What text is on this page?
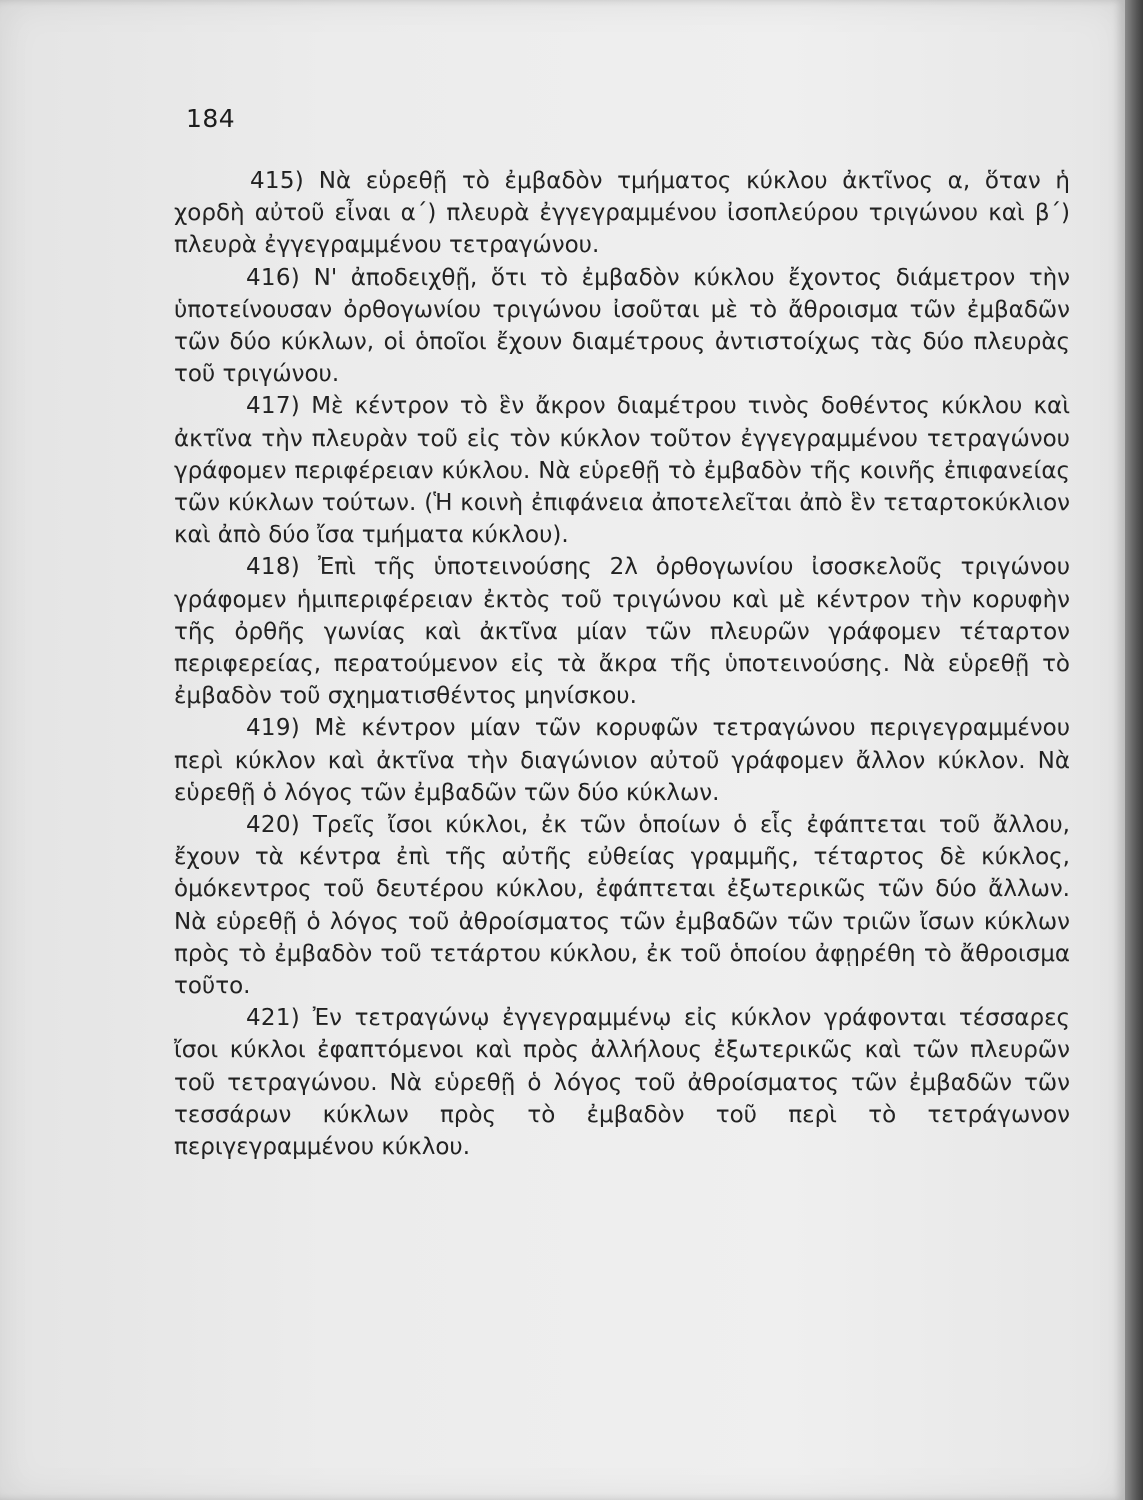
184

415) Νὰ εὑρεθῇ τὸ ἐμβαδὸν τμήματος κύκλου ἀκτῖνος α, ὅταν ἡ χορδὴ αὐτοῦ εἶναι α΄) πλευρὰ ἐγγεγραμμένου ἰσοπλεύρου τριγώνου καὶ β΄) πλευρὰ ἐγγεγραμμένου τετραγώνου.

416) Ν' ἀποδειχθῇ, ὅτι τὸ ἐμβαδὸν κύκλου ἔχοντος διάμετρον τὴν ὑποτείνουσαν ὀρθογωνίου τριγώνου ἰσοῦται μὲ τὸ ἄθροισμα τῶν ἐμβαδῶν τῶν δύο κύκλων, οἱ ὁποῖοι ἔχουν διαμέτρους ἀντιστοίχως τὰς δύο πλευρὰς τοῦ τριγώνου.

417) Μὲ κέντρον τὸ ἓν ἄκρον διαμέτρου τινὸς δοθέντος κύκλου καὶ ἀκτῖνα τὴν πλευρὰν τοῦ εἰς τὸν κύκλον τοῦτον ἐγγεγραμμένου τετραγώνου γράφομεν περιφέρειαν κύκλου. Νὰ εὑρεθῇ τὸ ἐμβαδὸν τῆς κοινῆς ἐπιφανείας τῶν κύκλων τούτων. (Ἡ κοινὴ ἐπιφάνεια ἀποτελεῖται ἀπὸ ἓν τεταρτοκύκλιον καὶ ἀπὸ δύο ἴσα τμήματα κύκλου).

418) Ἐπὶ τῆς ὑποτεινούσης 2λ ὀρθογωνίου ἰσοσκελοῦς τριγώνου γράφομεν ἡμιπεριφέρειαν ἐκτὸς τοῦ τριγώνου καὶ μὲ κέντρον τὴν κορυφὴν τῆς ὀρθῆς γωνίας καὶ ἀκτῖνα μίαν τῶν πλευρῶν γράφομεν τέταρτον περιφερείας, περατούμενον εἰς τὰ ἄκρα τῆς ὑποτεινούσης. Νὰ εὑρεθῇ τὸ ἐμβαδὸν τοῦ σχηματισθέντος μηνίσκου.

419) Μὲ κέντρον μίαν τῶν κορυφῶν τετραγώνου περιγεγραμμένου περὶ κύκλον καὶ ἀκτῖνα τὴν διαγώνιον αὐτοῦ γράφομεν ἄλλον κύκλον. Νὰ εὑρεθῇ ὁ λόγος τῶν ἐμβαδῶν τῶν δύο κύκλων.

420) Τρεῖς ἴσοι κύκλοι, ἐκ τῶν ὁποίων ὁ εἷς ἐφάπτεται τοῦ ἄλλου, ἔχουν τὰ κέντρα ἐπὶ τῆς αὐτῆς εὐθείας γραμμῆς, τέταρτος δὲ κύκλος, ὁμόκεντρος τοῦ δευτέρου κύκλου, ἐφάπτεται ἐξωτερικῶς τῶν δύο ἄλλων. Νὰ εὑρεθῇ ὁ λόγος τοῦ ἀθροίσματος τῶν ἐμβαδῶν τῶν τριῶν ἴσων κύκλων πρὸς τὸ ἐμβαδὸν τοῦ τετάρτου κύκλου, ἐκ τοῦ ὁποίου ἀφῃρέθη τὸ ἄθροισμα τοῦτο.

421) Ἐν τετραγώνῳ ἐγγεγραμμένῳ εἰς κύκλον γράφονται τέσσαρες ἴσοι κύκλοι ἐφαπτόμενοι καὶ πρὸς ἀλλήλους ἐξωτερικῶς καὶ τῶν πλευρῶν τοῦ τετραγώνου. Νὰ εὑρεθῇ ὁ λόγος τοῦ ἀθροίσματος τῶν ἐμβαδῶν τῶν τεσσάρων κύκλων πρὸς τὸ ἐμβαδὸν τοῦ περὶ τὸ τετράγωνον περιγεγραμμένου κύκλου.
